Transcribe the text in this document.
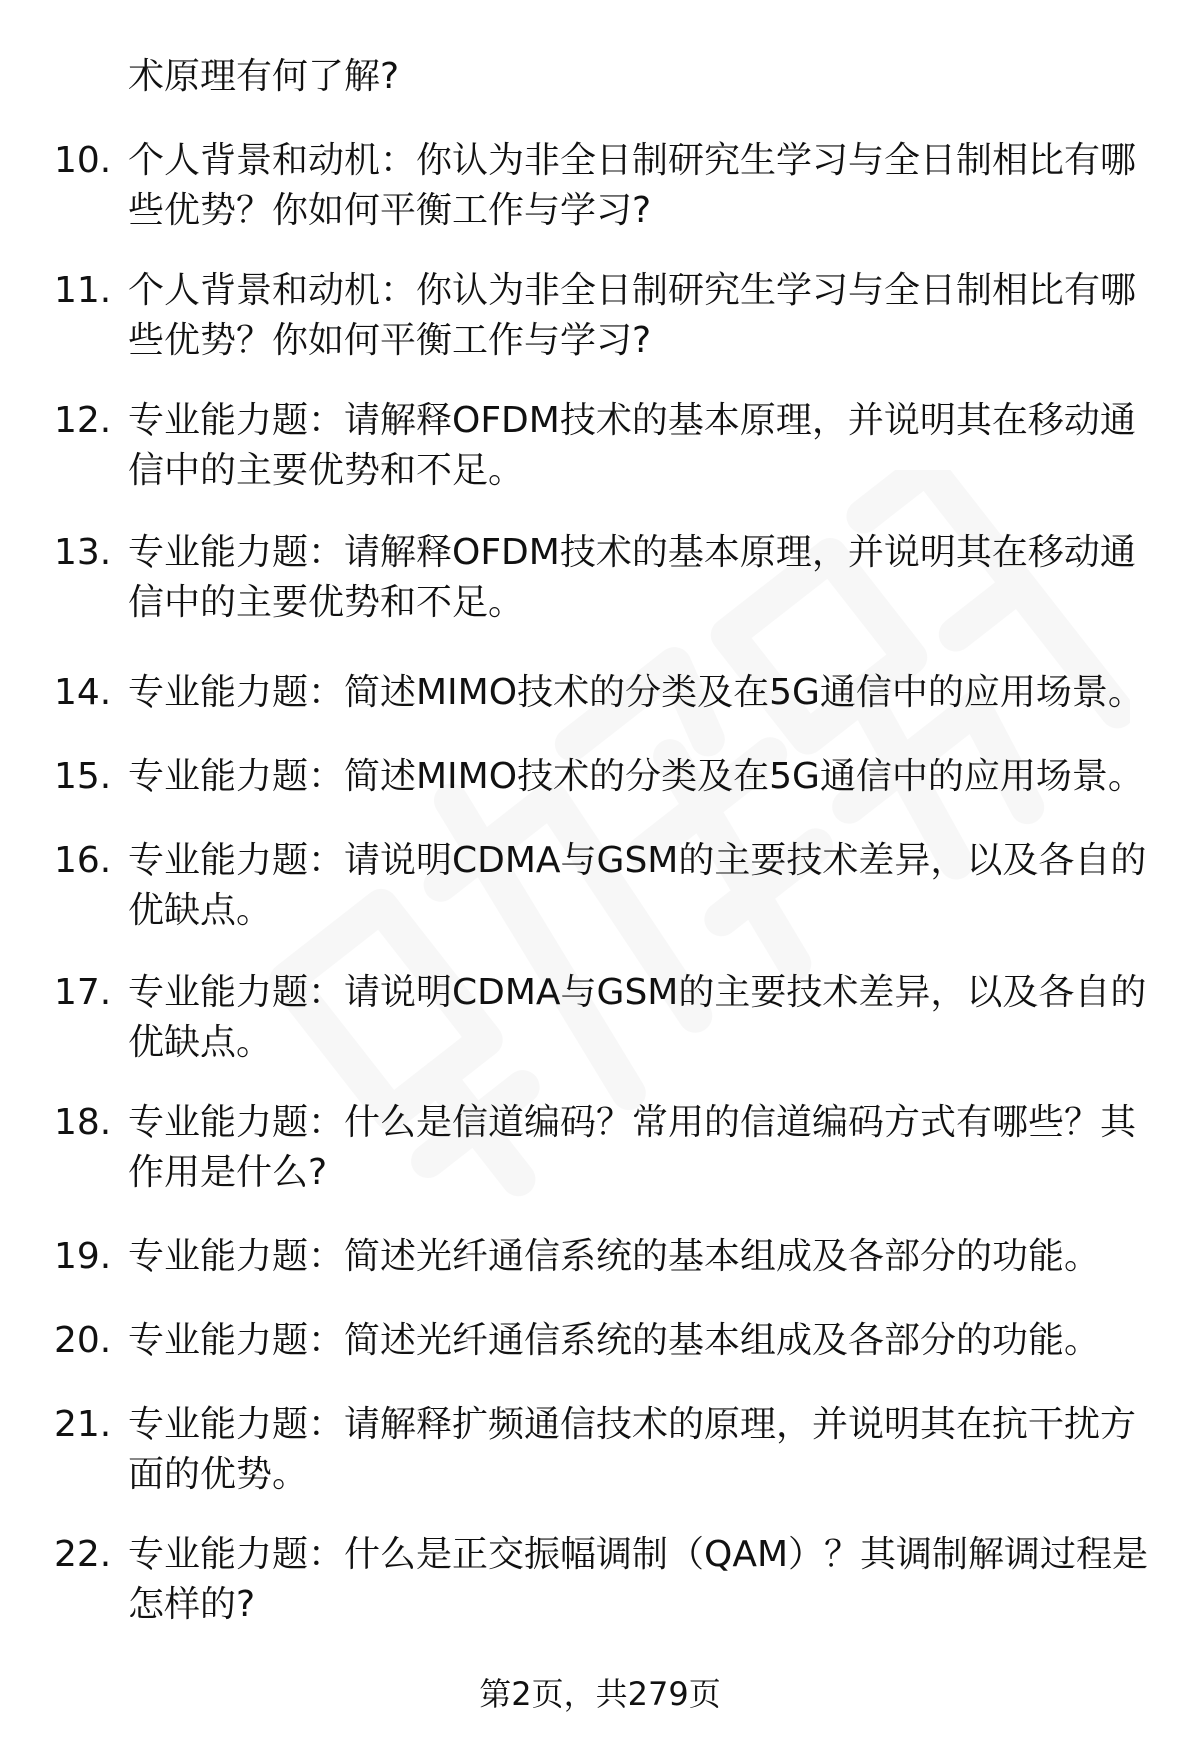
术原理有何了解?
10. 个人背景和动机：你认为非全日制研究生学习与全日制相比有哪
些优势？你如何平衡工作与学习?
11. 个人背景和动机：你认为非全日制研究生学习与全日制相比有哪
些优势？你如何平衡工作与学习?
12. 专业能力题：请解释OFDM技术的基本原理，并说明其在移动通
信中的主要优势和不足。
13. 专业能力题：请解释OFDM技术的基本原理，并说明其在移动通
信中的主要优势和不足。
14. 专业能力题：简述MIMO技术的分类及在5G通信中的应用场景。
15. 专业能力题：简述MIMO技术的分类及在5G通信中的应用场景。
16. 专业能力题：请说明CDMA与GSM的主要技术差异，以及各自的
优缺点。
17. 专业能力题：请说明CDMA与GSM的主要技术差异，以及各自的
优缺点。
18. 专业能力题：什么是信道编码？常用的信道编码方式有哪些？其
作用是什么?
19. 专业能力题：简述光纤通信系统的基本组成及各部分的功能。
20. 专业能力题：简述光纤通信系统的基本组成及各部分的功能。
21. 专业能力题：请解释扩频通信技术的原理，并说明其在抗干扰方
面的优势。
22. 专业能力题：什么是正交振幅调制（QAM）？其调制解调过程是
怎样的?
第2页，共279页
